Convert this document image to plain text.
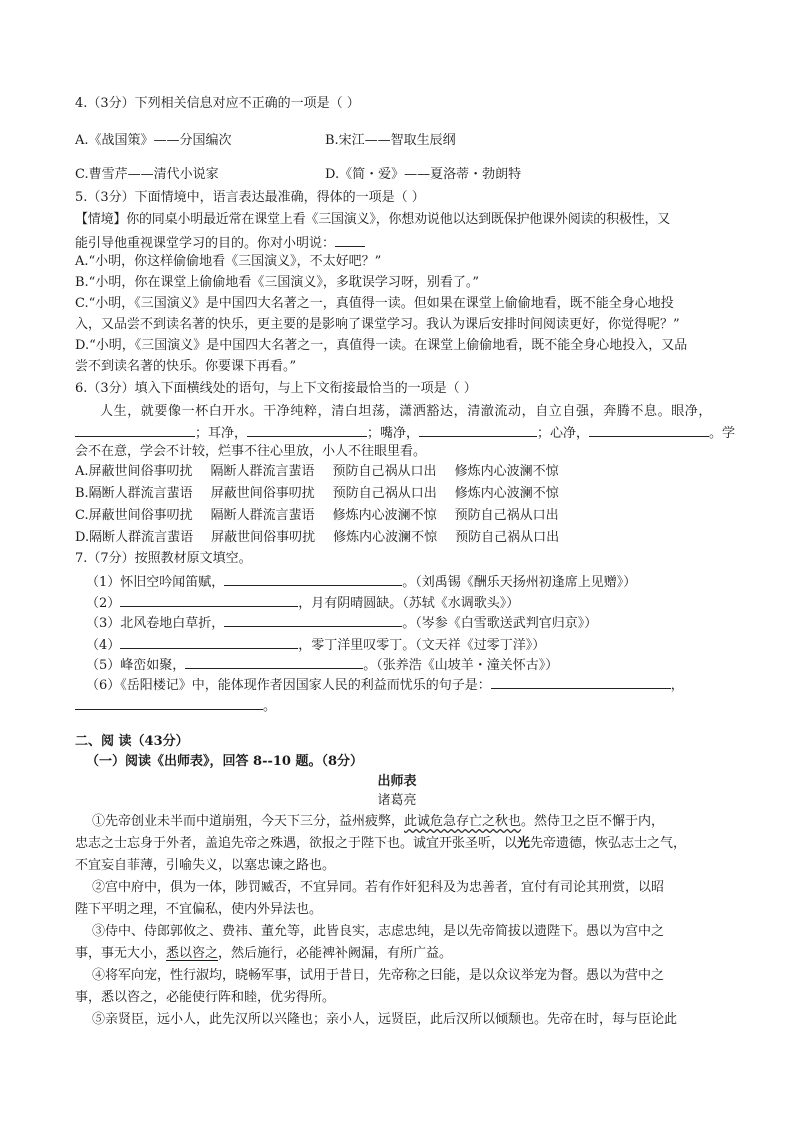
4.（3分）下列相关信息对应不正确的一项是（ ）
A.《战国策》——分国编次	B.宋江——智取生辰纲
C.曹雪芹——清代小说家	D.《简・爱》——夏洛蒂・勃朗特
5.（3分）下面情境中，语言表达最准确，得体的一项是（ ）
【情境】你的同桌小明最近常在课堂上看《三国演义》，你想劝说他以达到既保护他课外阅读的积极性，又
能引导他重视课堂学习的目的。你对小明说：
A.“小明，你这样偷偷地看《三国演义》，不太好吧？”
B.“小明，你在课堂上偷偷地看《三国演义》，多耽误学习呀，别看了。”
C.“小明，《三国演义》是中国四大名著之一，真值得一读。但如果在课堂上偷偷地看，既不能全身心地投
入，又品尝不到读名著的快乐，更主要的是影响了课堂学习。我认为课后安排时间阅读更好，你觉得呢？”
D.“小明，《三国演义》是中国四大名著之一，真值得一读。在课堂上偷偷地看，既不能全身心地投入，又品
尝不到读名著的快乐。你要课下再看。”
6.（3分）填入下面横线处的语句，与上下文衔接最恰当的一项是（ ）
人生，就要像一杯白开水。干净纯粹，清白坦荡，潇洒豁达，清澈流动，自立自强，奔腾不息。眼净，
；耳净，	；嘴净，	；心净，	。学
会不在意，学会不计较，烂事不往心里放，小人不往眼里看。
A.屏蔽世间俗事叨扰 隔断人群流言蜚语 预防自己祸从口出 修炼内心波澜不惊
B.隔断人群流言蜚语 屏蔽世间俗事叨扰 预防自己祸从口出 修炼内心波澜不惊
C.屏蔽世间俗事叨扰 隔断人群流言蜚语 修炼内心波澜不惊 预防自己祸从口出
D.隔断人群流言蜚语 屏蔽世间俗事叨扰 修炼内心波澜不惊 预防自己祸从口出
7.（7分）按照教材原文填空。
（1）怀旧空吟闻笛赋，	。（刘禹锡《酬乐天扬州初逢席上见赠》）
（2）	，月有阴晴圆缺。（苏轼《水调歌头》）
（3）北风卷地白草折，	。（岑参《白雪歌送武判官归京》）
（4）	，零丁洋里叹零丁。（文天祥《过零丁洋》）
（5）峰峦如聚，	。（张养浩《山坡羊・潼关怀古》）
（6）《岳阳楼记》中，能体现作者因国家人民的利益而忧乐的句子是：	，
。
二、阅 读（43分）
（一）阅读《出师表》，回答 8--10 题。（8分）
出师表
诸葛亮
①先帝创业未半而中道崩殂，今天下三分，益州疲弊，此诚危急存亡之秋也。然侍卫之臣不懈于内，
忠志之士忘身于外者，盖追先帝之殊遇，欲报之于陛下也。诚宜开张圣听，以光先帝遗德，恢弘志士之气，
不宜妄自菲薄，引喻失义，以塞忠谏之路也。
②宫中府中，俱为一体，陟罚臧否，不宜异同。若有作奸犯科及为忠善者，宜付有司论其刑赏，以昭
陛下平明之理，不宜偏私，使内外异法也。
③侍中、侍郎郭攸之、费祎、董允等，此皆良实，志虑忠纯，是以先帝简拔以遗陛下。愚以为宫中之
事，事无大小，悉以咨之，然后施行，必能裨补阙漏，有所广益。
④将军向宠，性行淑均，晓畅军事，试用于昔日，先帝称之曰能，是以众议举宠为督。愚以为营中之
事，悉以咨之，必能使行阵和睦，优劣得所。
⑤亲贤臣，远小人，此先汉所以兴隆也；亲小人，远贤臣，此后汉所以倾颓也。先帝在时，每与臣论此
